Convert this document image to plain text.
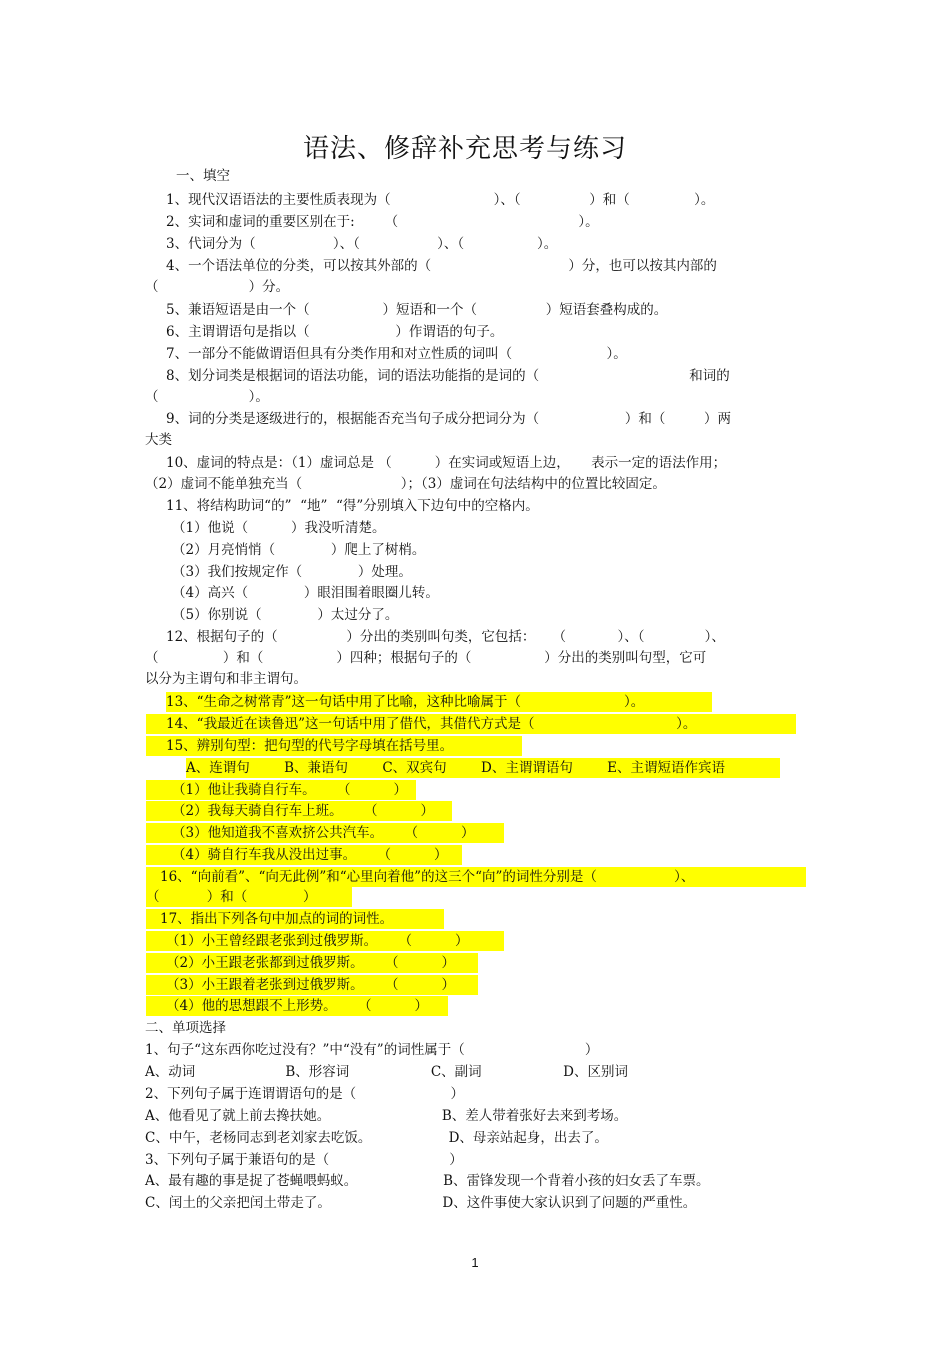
语法、修辞补充思考与练习
一、填空
1、现代汉语语法的主要性质表现为（                        ）、（                ）和（               ）。
2、实词和虚词的重要区别在于:       （                                          ）。
3、代词分为（                  ）、（                  ）、（                 ）。
4、一个语法单位的分类，可以按其外部的（                                ）分，也可以按其内部的
（                     ）分。
5、兼语短语是由一个（                 ）短语和一个（                ）短语套叠构成的。
6、主谓谓语句是指以（                    ）作谓语的句子。
7、一部分不能做谓语但具有分类作用和对立性质的词叫（                      ）。
8、划分词类是根据词的语法功能，词的语法功能指的是词的（                                   和词的
（                     ）。
9、词的分类是逐级进行的，根据能否充当句子成分把词分为（                    ）和（         ）两
大类
10、虚词的特点是：（1）虚词总是 （          ）在实词或短语上边，     表示一定的语法作用；
（2）虚词不能单独充当（                       ）；（3）虚词在句法结构中的位置比较固定。
11、将结构助词“的”  “地”  “得”分别填入下边句中的空格内。
（1）他说（          ）我没听清楚。
（2）月亮悄悄（             ）爬上了树梢。
（3）我们按规定作（             ）处理。
（4）高兴（             ）眼泪围着眼圈儿转。
（5）你别说（             ）太过分了。
12、根据句子的（                ）分出的类别叫句类，它包括：    （            ）、（              ）、
（               ）和（                 ）四种；根据句子的（                 ）分出的类别叫句型，它可
以分为主谓句和非主谓句。
13、“生命之树常青”这一句话中用了比喻，这种比喻属于（                        ）。
14、“我最近在读鲁迅”这一句话中用了借代，其借代方式是（                                 ）。
15、辨别句型：把句型的代号字母填在括号里。
A、连谓句        B、兼语句        C、双宾句        D、主谓谓语句        E、主谓短语作宾语
（1）他让我骑自行车。     （          ）
（2）我每天骑自行车上班。     （          ）
（3）他知道我不喜欢挤公共汽车。     （          ）
（4）骑自行车我从没出过事。     （          ）
16、“向前看”、“向无此例”和“心里向着他”的这三个“向”的词性分别是（                  ）、
（           ）和（             ）
17、指出下列各句中加点的词的词性。
（1）小王曾经跟老张到过俄罗斯。     （          ）
（2）小王跟老张都到过俄罗斯。     （          ）
（3）小王跟着老张到过俄罗斯。     （          ）
（4）他的思想跟不上形势。     （          ）
二、单项选择
1、句子“这东西你吃过没有？”中“没有”的词性属于（                            ）
A、动词                     B、形容词                   C、副词                   D、区别词
2、下列句子属于连谓谓语句的是（                      ）
A、他看见了就上前去搀扶她。                          B、差人带着张好去来到考场。
C、中午，老杨同志到老刘家去吃饭。                  D、母亲站起身，出去了。
3、下列句子属于兼语句的是（                            ）
A、最有趣的事是捉了苍蝇喂蚂蚁。                    B、雷锋发现一个背着小孩的妇女丢了车票。
C、闰土的父亲把闰土带走了。                          D、这件事使大家认识到了问题的严重性。
1
